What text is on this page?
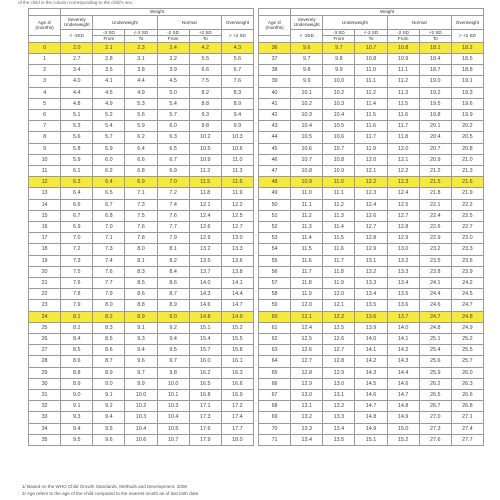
of the child in the column corresponding to the child's sex.
	Weight					
Age 2/ (months)	Severely Underweight	Underweight		Normal		Overweight
	< -3SD	-3 SD	<-2 SD	-2 SD	+2 SD	> +2 SD
		From	To	From	To	
0	2.0	2.1	2.3	2.4	4.2	4.3
1	2.7	2.8	3.1	3.2	5.5	5.6
2	3.4	3.5	3.8	3.9	6.6	6.7
3	4.0	4.1	4.4	4.5	7.5	7.6
4	4.4	4.5	4.9	5.0	8.2	8.3
5	4.8	4.9	5.3	5.4	8.8	8.9
6	5.1	5.2	5.6	5.7	9.3	9.4
7	5.3	5.4	5.9	6.0	9.8	9.9
8	5.6	5.7	6.2	6.3	10.2	10.3
9	5.8	5.9	6.4	6.5	10.5	10.6
10	5.9	6.0	6.6	6.7	10.9	11.0
11	6.1	6.2	6.8	6.9	11.2	11.3
12	6.3	6.4	6.9	7.0	11.5	11.6
13	6.4	6.5	7.1	7.2	11.8	11.9
14	6.6	6.7	7.3	7.4	12.1	12.2
15	6.7	6.8	7.5	7.6	12.4	12.5
16	6.9	7.0	7.6	7.7	12.6	12.7
17	7.0	7.1	7.8	7.9	12.9	13.0
18	7.2	7.3	8.0	8.1	13.2	13.3
19	7.3	7.4	8.1	8.2	13.5	13.6
20	7.5	7.6	8.3	8.4	13.7	13.8
21	7.6	7.7	8.5	8.6	14.0	14.1
22	7.8	7.9	8.6	8.7	14.3	14.4
23	7.9	8.0	8.8	8.9	14.6	14.7
24	8.1	8.2	8.9	9.0	14.8	14.9
25	8.2	8.3	9.1	9.2	15.1	15.2
26	8.4	8.5	9.3	9.4	15.4	15.5
27	8.5	8.6	9.4	9.5	15.7	15.8
28	8.6	8.7	9.6	9.7	16.0	16.1
29	8.8	8.9	9.7	9.8	16.2	16.3
30	8.9	9.0	9.9	10.0	16.5	16.6
31	9.0	9.1	10.0	10.1	16.8	16.9
32	9.1	9.2	10.2	10.3	17.1	17.2
33	9.3	9.4	10.3	10.4	17.3	17.4
34	9.4	9.5	10.4	10.5	17.6	17.7
35	9.5	9.6	10.6	10.7	17.9	18.0
	Weight					
Age 2/ (months)	Severely Underweight	Underweight		Normal		Overweight
	< -3SD	-3 SD	<-2 SD	-2 SD	+2 SD	> +2 SD
		From	To	From	To	
36	9.6	9.7	10.7	10.8	18.1	18.2
37	9.7	9.8	10.8	10.9	18.4	18.5
38	9.8	9.9	11.0	11.1	18.7	18.8
39	9.9	10.0	11.1	11.2	19.0	19.1
40	10.1	10.2	11.2	11.3	19.2	19.3
41	10.2	10.3	11.4	11.5	19.5	19.6
42	10.3	10.4	11.5	11.6	19.8	19.9
43	10.4	10.5	11.6	11.7	20.1	20.2
44	10.5	10.6	11.7	11.8	20.4	20.5
45	10.6	10.7	11.9	12.0	20.7	20.8
46	10.7	10.8	12.0	12.1	20.9	21.0
47	10.8	10.9	12.1	12.2	21.2	21.3
48	10.9	11.0	12.2	12.3	21.5	21.6
49	11.0	11.1	12.3	12.4	21.8	21.9
50	11.1	11.2	12.4	12.5	22.1	22.2
51	11.2	11.3	12.6	12.7	22.4	22.5
52	11.3	11.4	12.7	12.8	22.6	22.7
53	11.4	11.5	12.8	12.9	22.9	23.0
54	11.5	11.6	12.9	13.0	23.2	23.3
55	11.6	11.7	13.1	13.2	23.5	23.6
56	11.7	11.8	13.2	13.3	23.8	23.9
57	11.8	11.9	13.3	13.4	24.1	24.2
58	11.9	12.0	13.4	13.5	24.4	24.5
59	12.0	12.1	13.5	13.6	24.6	24.7
60	12.1	12.2	13.6	13.7	24.7	24.8
61	12.4	12.5	13.9	14.0	24.8	24.9
62	12.5	12.6	14.0	14.1	25.1	25.2
63	12.6	12.7	14.1	14.2	25.4	25.5
64	12.7	12.8	14.2	14.3	25.6	25.7
65	12.8	12.9	14.3	14.4	25.9	26.0
66	12.9	13.0	14.5	14.6	26.2	26.3
67	13.0	13.1	14.6	14.7	26.5	26.6
68	13.1	13.2	14.7	14.8	26.7	26.8
69	13.2	13.3	14.8	14.9	27.0	27.1
70	13.3	13.4	14.9	15.0	27.3	27.4
71	13.4	13.5	15.1	15.2	27.6	27.7
1/ Based on the WHO Child Growth Standards, Methods and Development, 2006
2/ Age refers to the age of the child computed to the nearest month as of last birth date.
